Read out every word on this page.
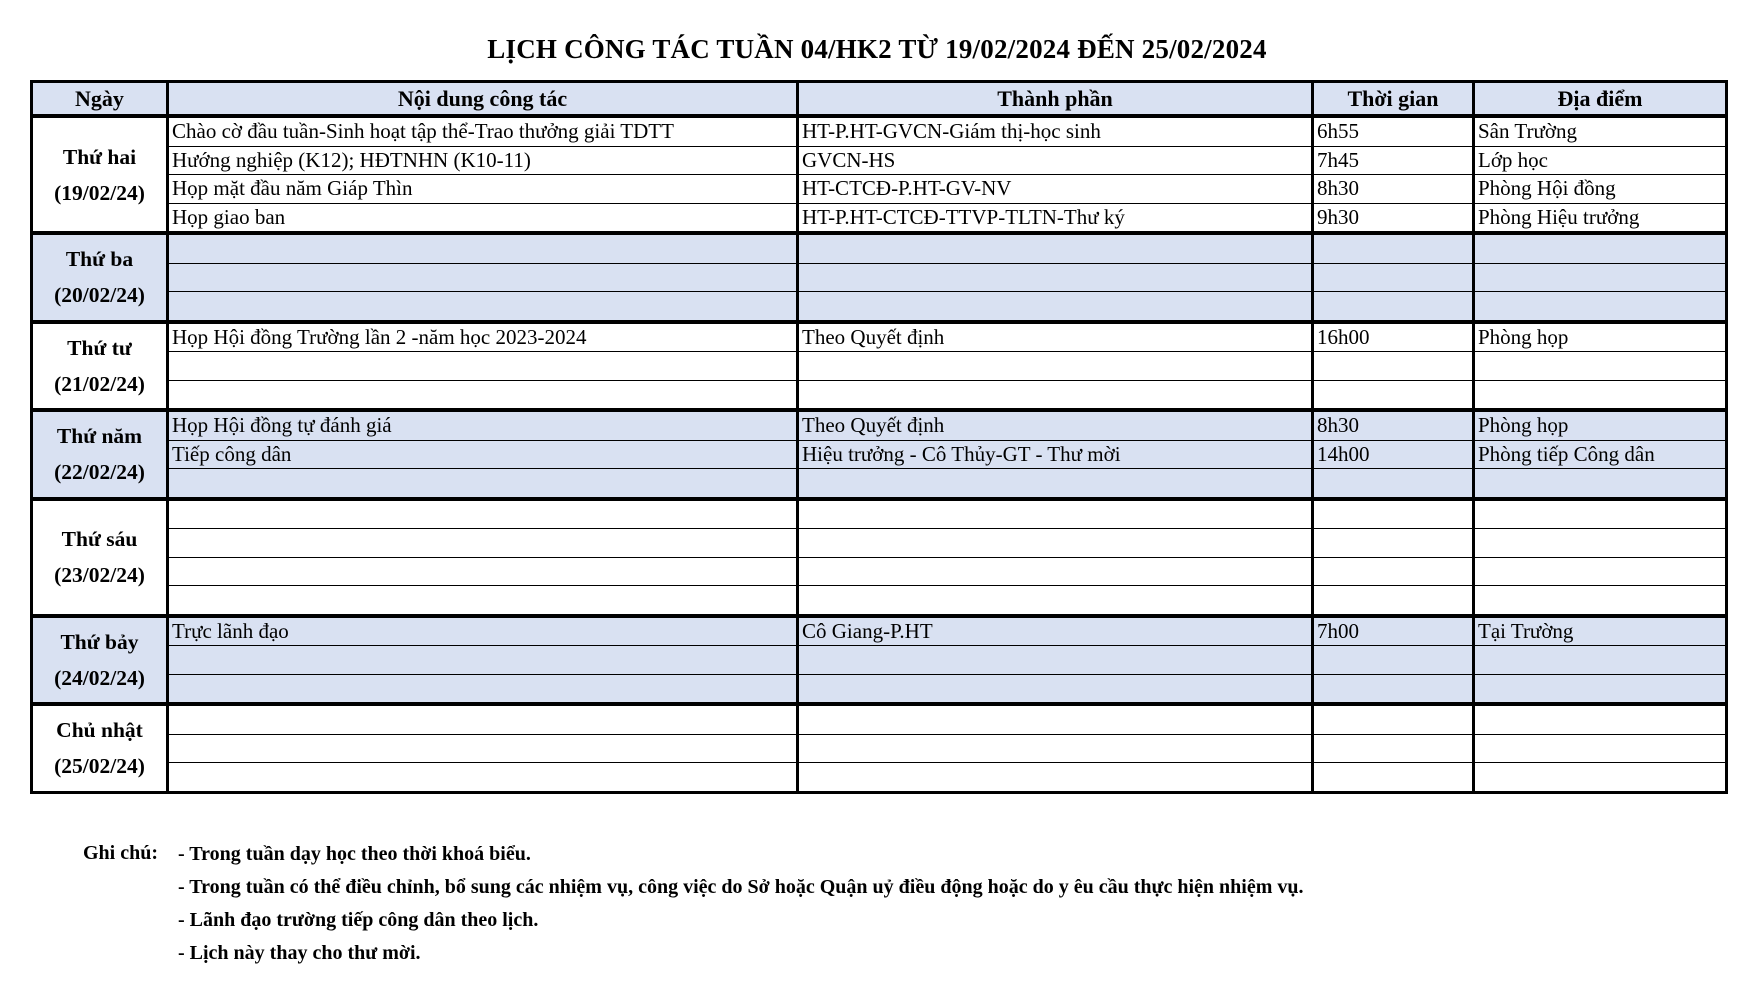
LỊCH CÔNG TÁC TUẦN 04/HK2 TỪ 19/02/2024 ĐẾN 25/02/2024
Ngày	Nội dung công tác	Thành phần	Thời gian	Địa điểm

Thứ hai
(19/02/24)	Chào cờ đầu tuần-Sinh hoạt tập thể-Trao thưởng giải TDTT	HT-P.HT-GVCN-Giám thị-học sinh	6h55	Sân Trường
	Hướng nghiệp (K12); HĐTNHN (K10-11)	GVCN-HS	7h45	Lớp học
	Họp mặt đầu năm Giáp Thìn	HT-CTCĐ-P.HT-GV-NV	8h30	Phòng Hội đồng
	Họp giao ban	HT-P.HT-CTCĐ-TTVP-TLTN-Thư ký	9h30	Phòng Hiệu trưởng

Thứ ba
(20/02/24)				

Thứ tư
(21/02/24)	Họp Hội đồng Trường lần 2 -năm học 2023-2024	Theo Quyết định	16h00	Phòng họp

Thứ năm
(22/02/24)	Họp Hội đồng tự đánh giá	Theo Quyết định	8h30	Phòng họp
	Tiếp công dân	Hiệu trưởng - Cô Thủy-GT - Thư mời	14h00	Phòng tiếp Công dân

Thứ sáu
(23/02/24)				

Thứ bảy
(24/02/24)	Trực lãnh đạo	Cô Giang-P.HT	7h00	Tại Trường

Chủ nhật
(25/02/24)				

Ghi chú: - Trong tuần dạy học theo thời khoá biểu.
- Trong tuần có thể điều chỉnh, bổ sung các nhiệm vụ, công việc do Sở hoặc Quận uỷ điều động hoặc do y êu cầu thực hiện nhiệm vụ.
- Lãnh đạo trường tiếp công dân theo lịch.
- Lịch này thay cho thư mời.
